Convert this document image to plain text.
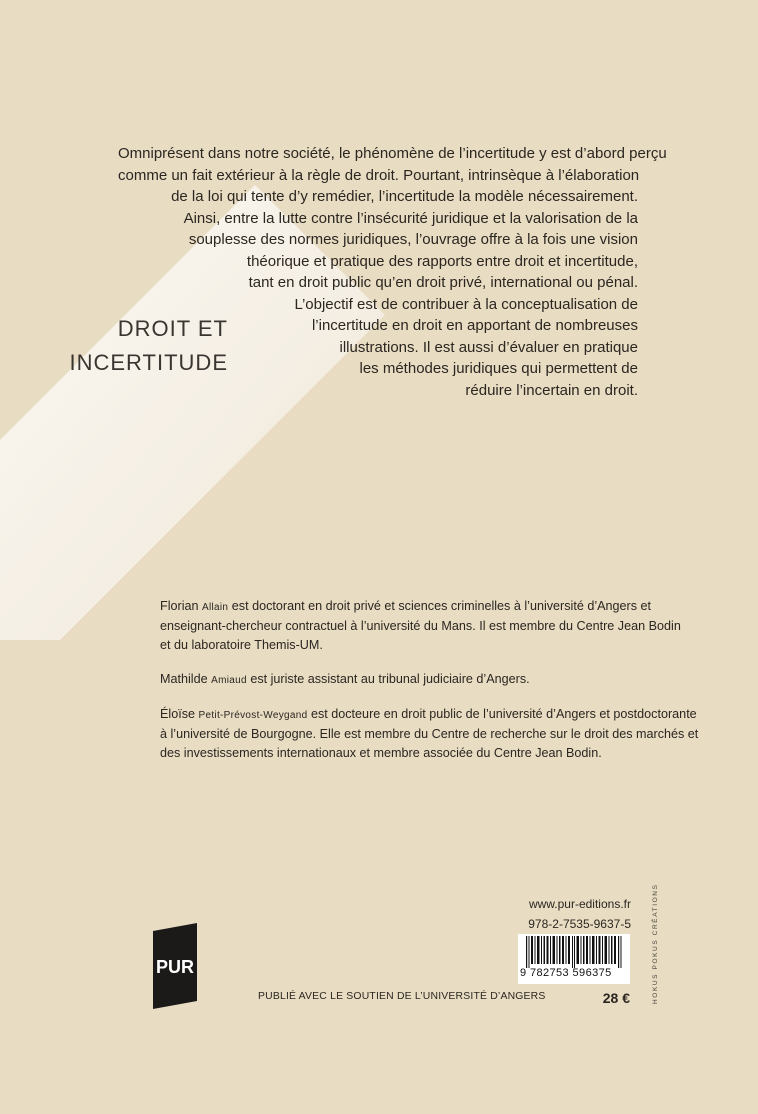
DROIT ET
INCERTITUDE
Omniprésent dans notre société, le phénomène de l’incertitude y est d’abord perçu
comme un fait extérieur à la règle de droit. Pourtant, intrinsèque à l’élaboration
de la loi qui tente d’y remédier, l’incertitude la modèle nécessairement.
Ainsi, entre la lutte contre l’insécurité juridique et la valorisation de la
souplesse des normes juridiques, l’ouvrage offre à la fois une vision
théorique et pratique des rapports entre droit et incertitude,
tant en droit public qu’en droit privé, international ou pénal.
L’objectif est de contribuer à la conceptualisation de
l’incertitude en droit en apportant de nombreuses
illustrations. Il est aussi d’évaluer en pratique
les méthodes juridiques qui permettent de
réduire l’incertain en droit.

Florian Allain est doctorant en droit privé et sciences criminelles à l’université d’Angers et
enseignant-chercheur contractuel à l’université du Mans. Il est membre du Centre Jean Bodin
et du laboratoire Themis-UM.

Mathilde Amiaud est juriste assistant au tribunal judiciaire d’Angers.

Éloïse Petit-Prévost-Weygand est docteure en droit public de l’université d’Angers et postdoctorante
à l’université de Bourgogne. Elle est membre du Centre de recherche sur le droit des marchés et
des investissements internationaux et membre associée du Centre Jean Bodin.

PUR
PUBLIÉ AVEC LE SOUTIEN DE L’UNIVERSITÉ D’ANGERS
www.pur-editions.fr
978-2-7535-9637-5
9 782753 596375
28 €	HOKUS POKUS CRÉATIONS
